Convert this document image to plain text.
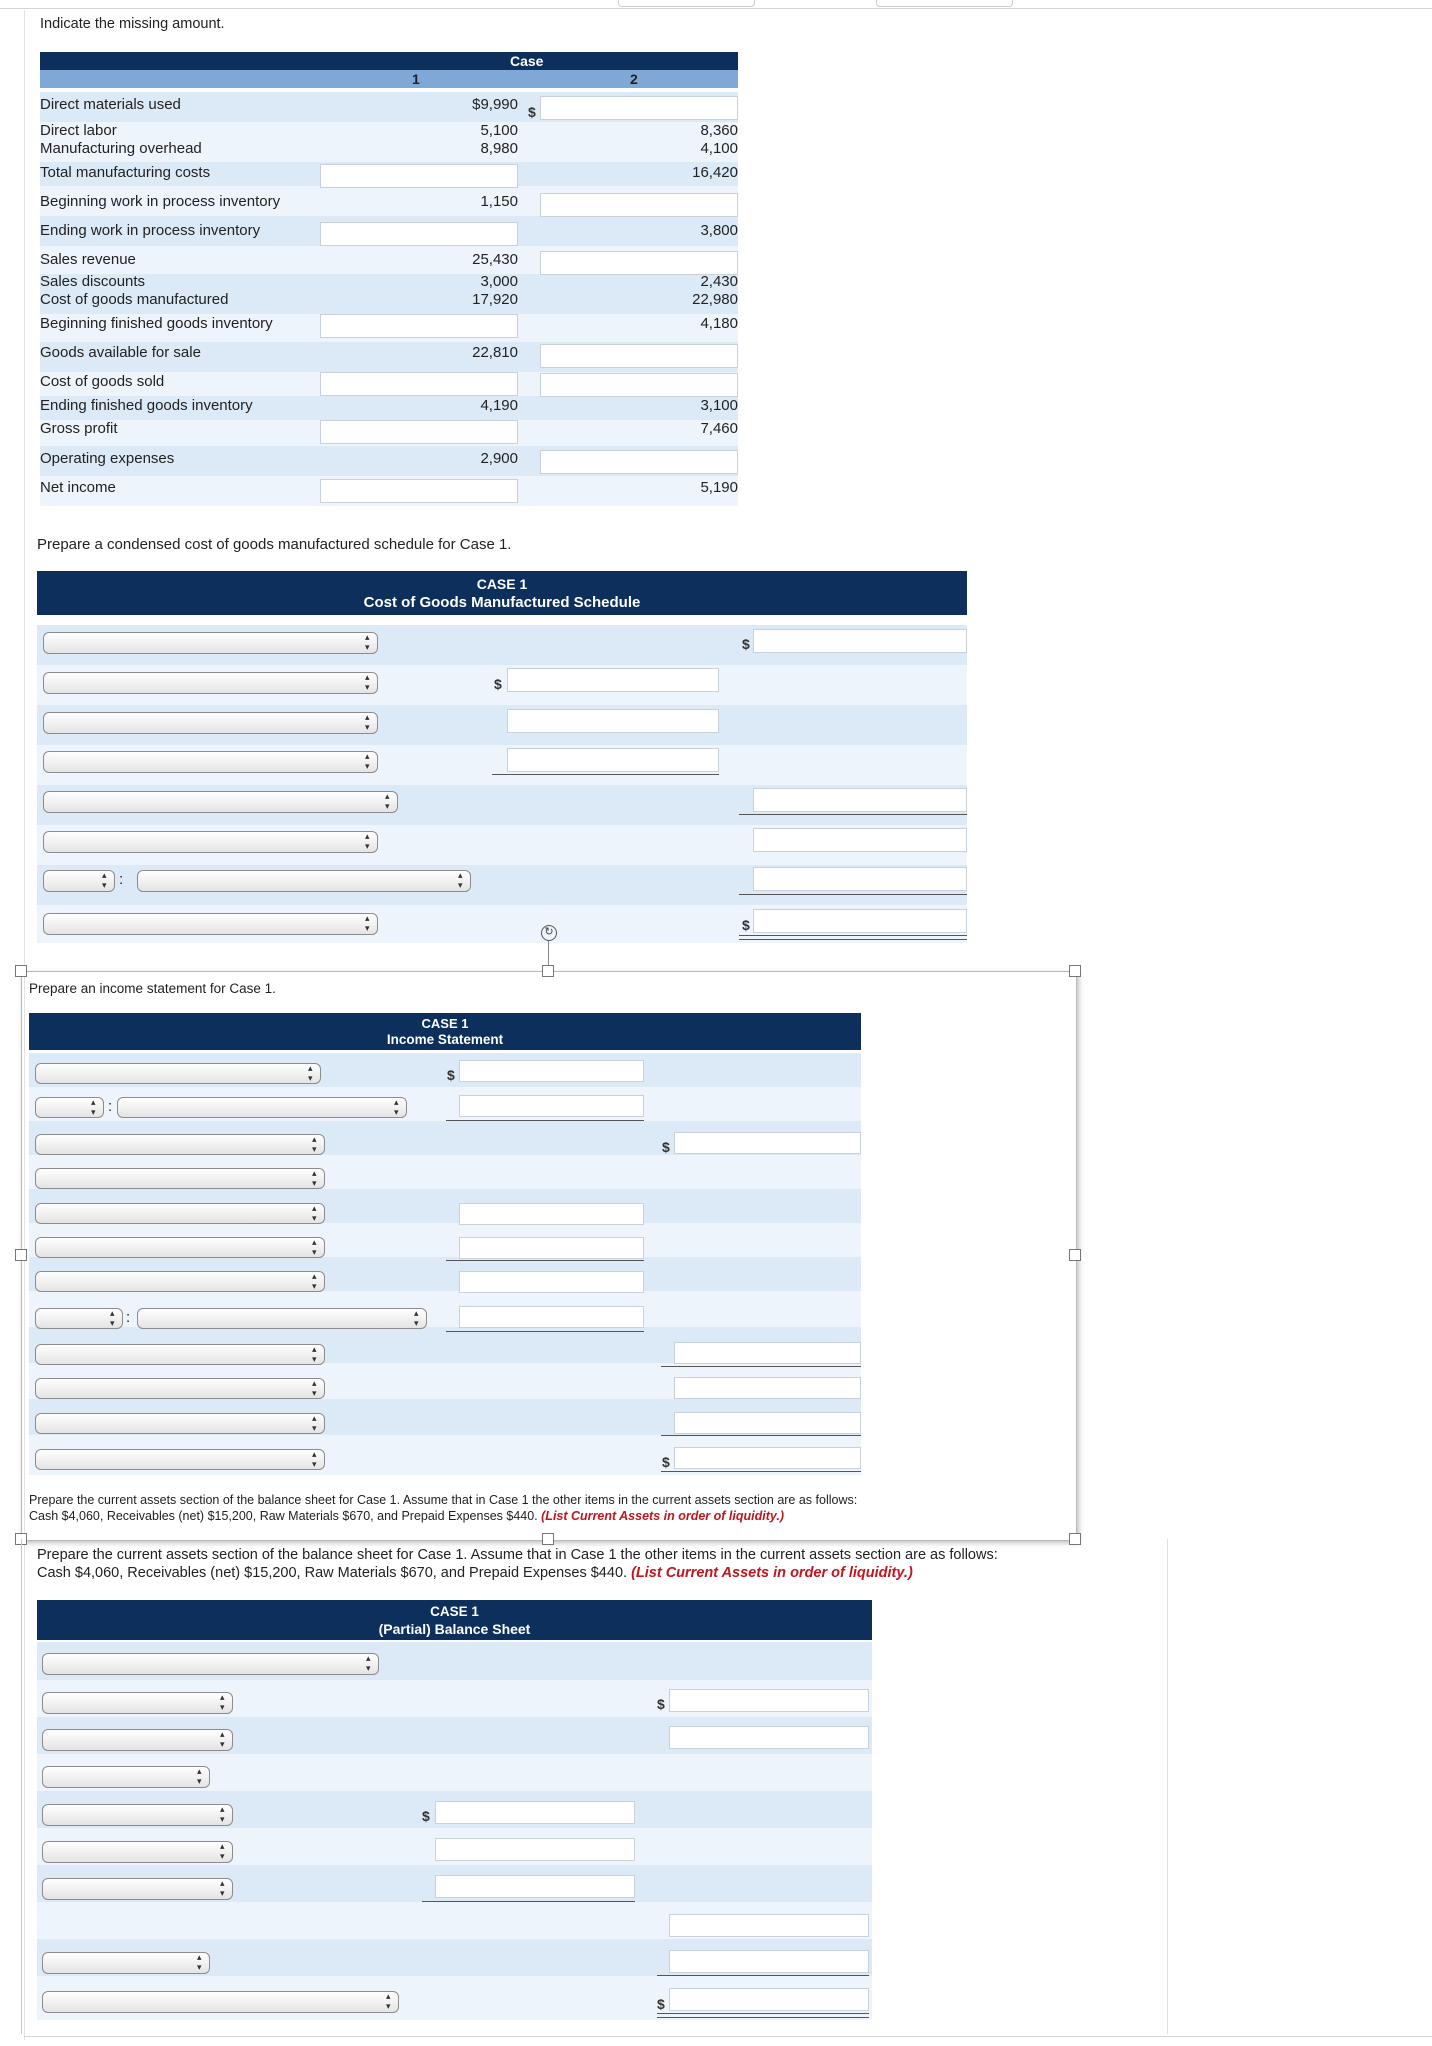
Indicate the missing amount.
Case
1	2
Direct materials used
Direct labor
Manufacturing overhead
Total manufacturing costs
Beginning work in process inventory
Ending work in process inventory
Sales revenue
Sales discounts
Cost of goods manufactured
Beginning finished goods inventory
Goods available for sale
Cost of goods sold
Ending finished goods inventory
Gross profit
Operating expenses
Net income
$9,990
5,100
8,980
1,150
25,430
3,000
17,920
22,810
4,190
2,900
$
8,360
4,100
16,420
3,800
2,430
22,980
4,180
3,100
7,460
5,190
Prepare a condensed cost of goods manufactured schedule for Case 1.
CASE 1
Cost of Goods Manufactured Schedule
▴▾
▴▾
▴▾
▴▾
▴▾
▴▾
▴▾
:
▴▾
▴▾
$
$
$
↻
Prepare an income statement for Case 1.
CASE 1
Income Statement
▴▾
▴▾
:
▴▾
▴▾
▴▾
▴▾
▴▾
▴▾
▴▾
:
▴▾
▴▾
▴▾
▴▾
▴▾
$
$
$
Prepare the current assets section of the balance sheet for Case 1. Assume that in Case 1 the other items in the current assets section are as follows:
Cash $4,060, Receivables (net) $15,200, Raw Materials $670, and Prepaid Expenses $440. (List Current Assets in order of liquidity.)
Prepare the current assets section of the balance sheet for Case 1. Assume that in Case 1 the other items in the current assets section are as follows:
Cash $4,060, Receivables (net) $15,200, Raw Materials $670, and Prepaid Expenses $440. (List Current Assets in order of liquidity.)
CASE 1
(Partial) Balance Sheet
▴▾
▴▾
▴▾
▴▾
▴▾
▴▾
▴▾
▴▾
▴▾
$
$
$
